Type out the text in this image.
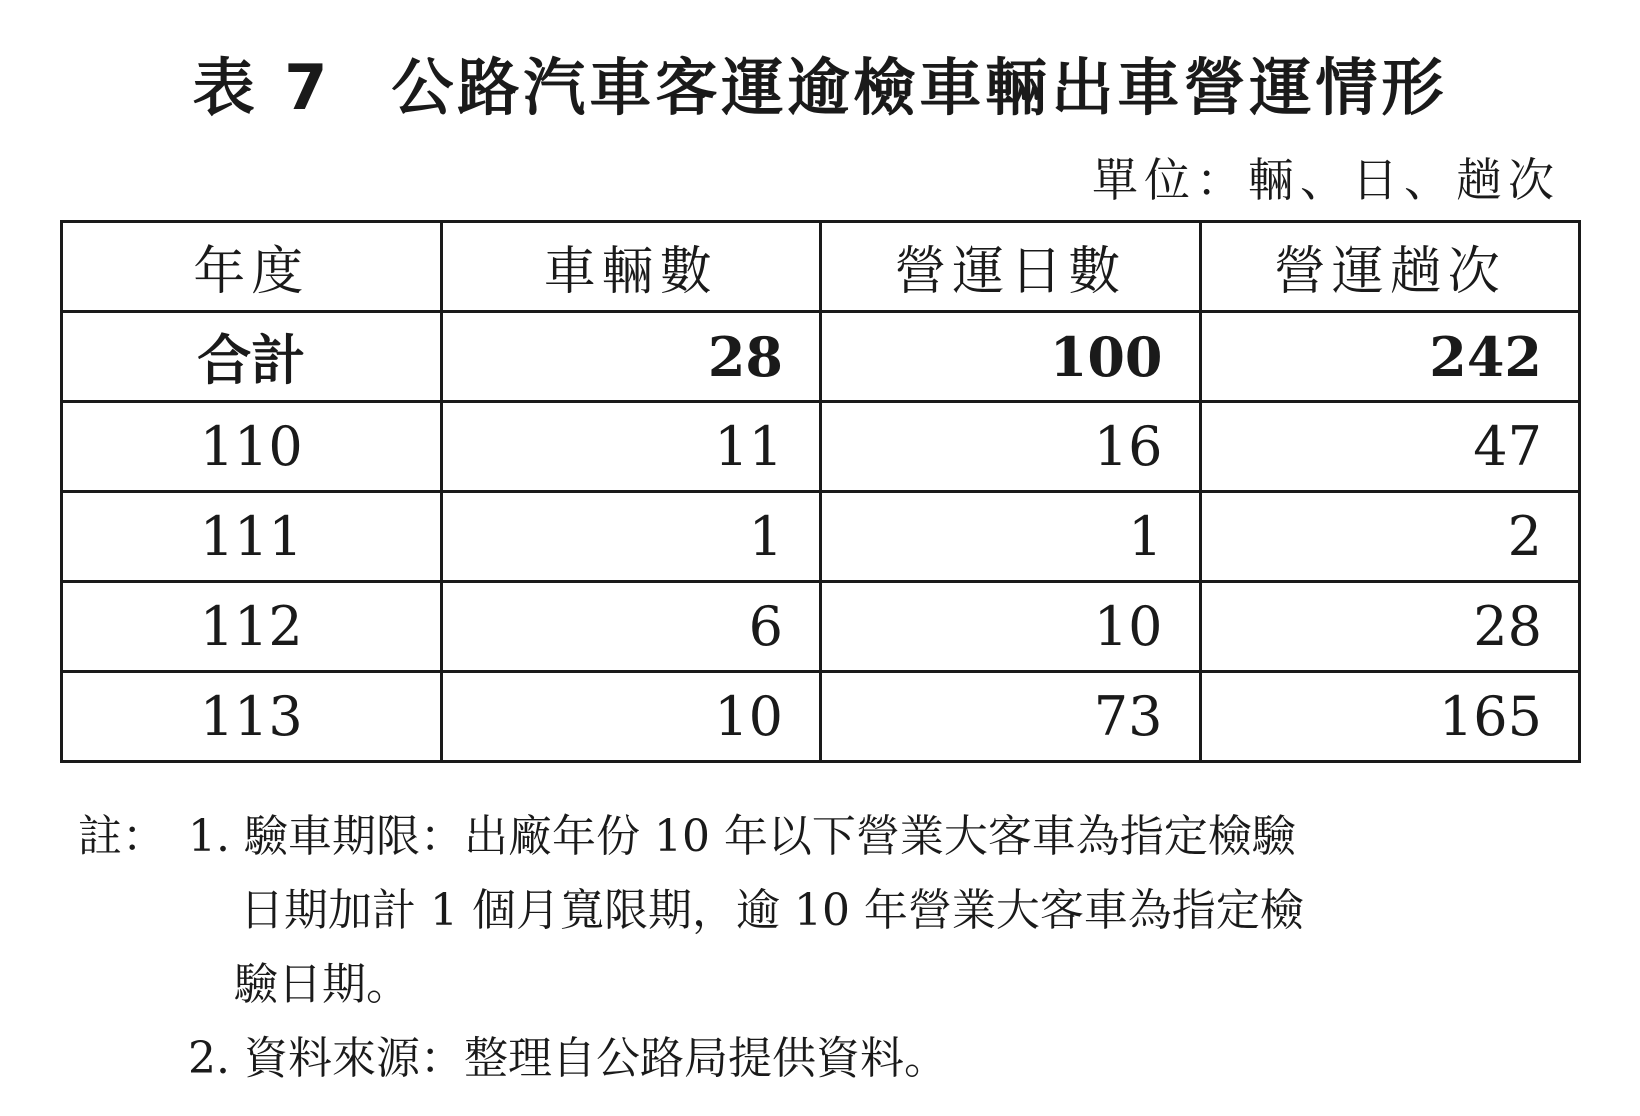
表 7 公路汽車客運逾檢車輛出車營運情形
單位：輛、日、趟次
年度	車輛數	營運日數	營運趟次
合計	28	100	242
110	11	16	47
111	1	1	2
112	6	10	28
113	10	73	165
註： 1. 驗車期限：出廠年份 10 年以下營業大客車為指定檢驗
日期加計 1 個月寬限期，逾 10 年營業大客車為指定檢
驗日期。
2. 資料來源：整理自公路局提供資料。
